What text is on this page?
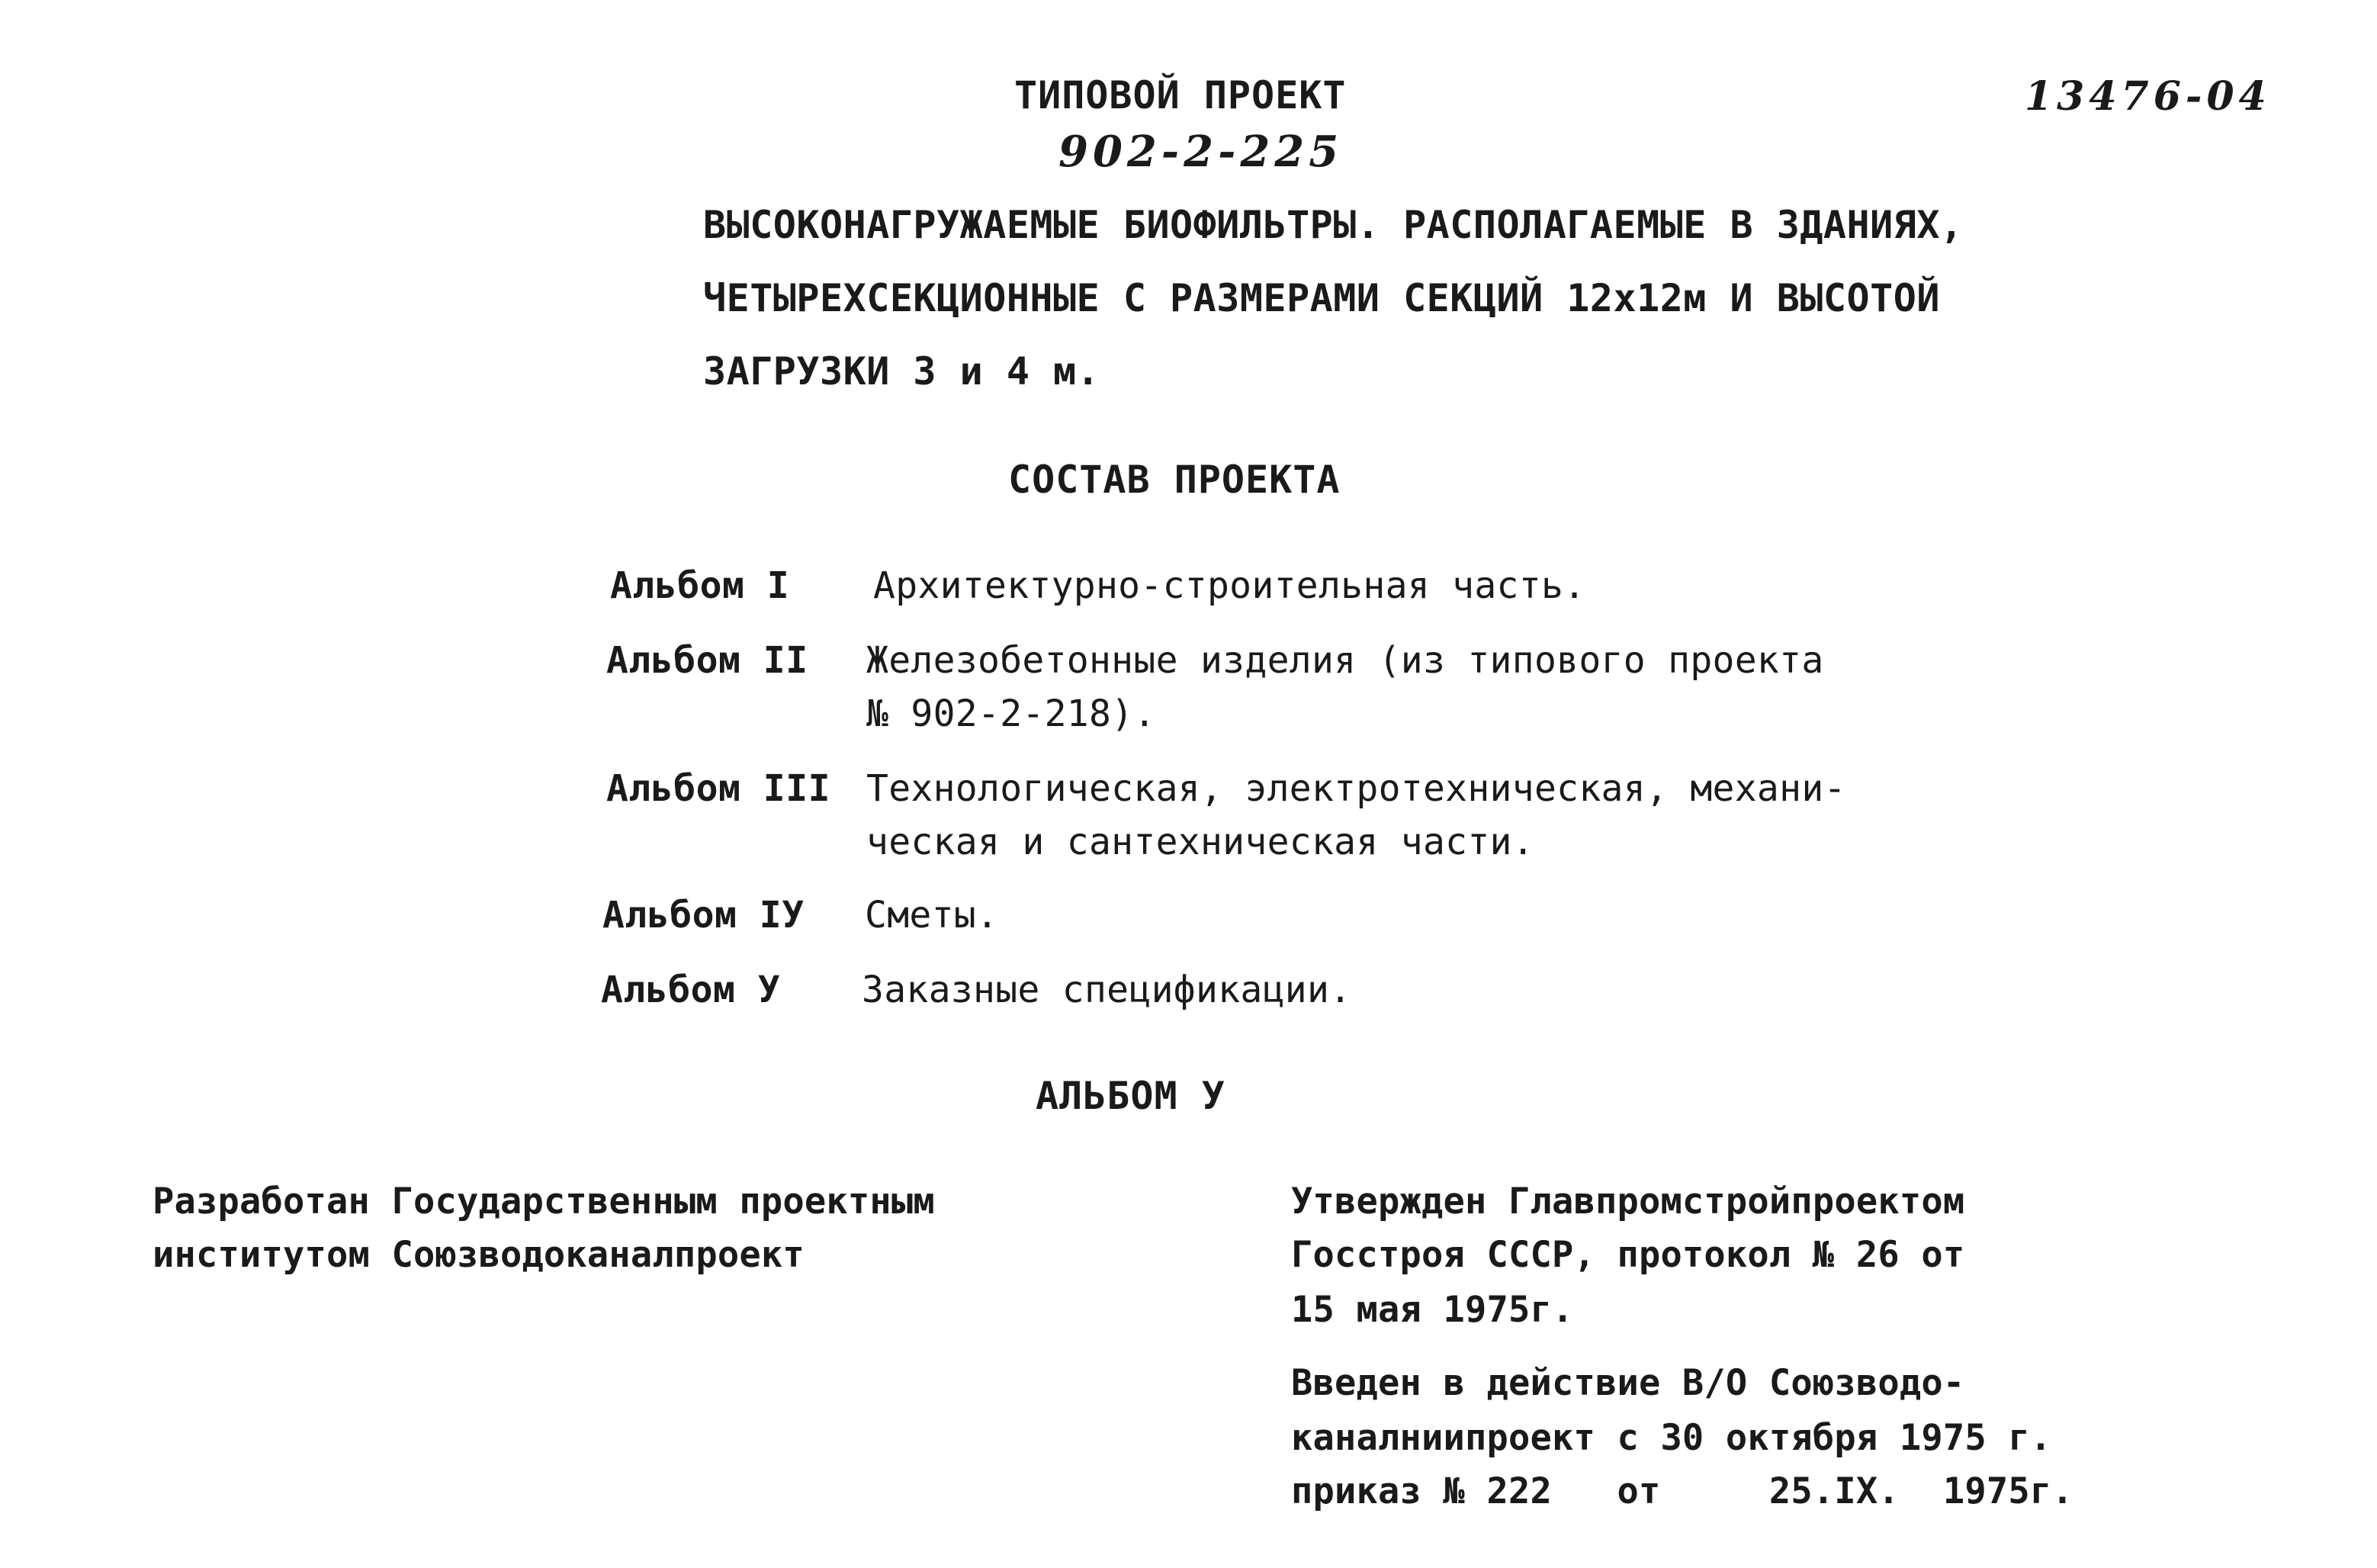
13476-04
ТИПОВОЙ ПРОЕКТ
902-2-225
ВЫСОКОНАГРУЖАЕМЫЕ БИОФИЛЬТРЫ. РАСПОЛАГАЕМЫЕ В ЗДАНИЯХ,
ЧЕТЫРЕХСЕКЦИОННЫЕ С РАЗМЕРАМИ СЕКЦИЙ 12x12м И ВЫСОТОЙ
ЗАГРУЗКИ 3 и 4 м.
СОСТАВ ПРОЕКТА
Альбом I Архитектурно-строительная часть.
Альбом II Железобетонные изделия (из типового проекта
№ 902-2-218).
Альбом III Технологическая, электротехническая, механи-
ческая и сантехническая части.
Альбом IУ Сметы.
Альбом У Заказные спецификации.
АЛЬБОМ У
Разработан Государственным проектным
институтом Союзводоканалпроект
Утвержден Главпромстройпроектом
Госстроя СССР, протокол № 26 от
15 мая 1975г.
Введен в действие В/О Союзводо-
каналниипроект с 30 октября 1975 г.
приказ № 222   от     25.IX.  1975г.
